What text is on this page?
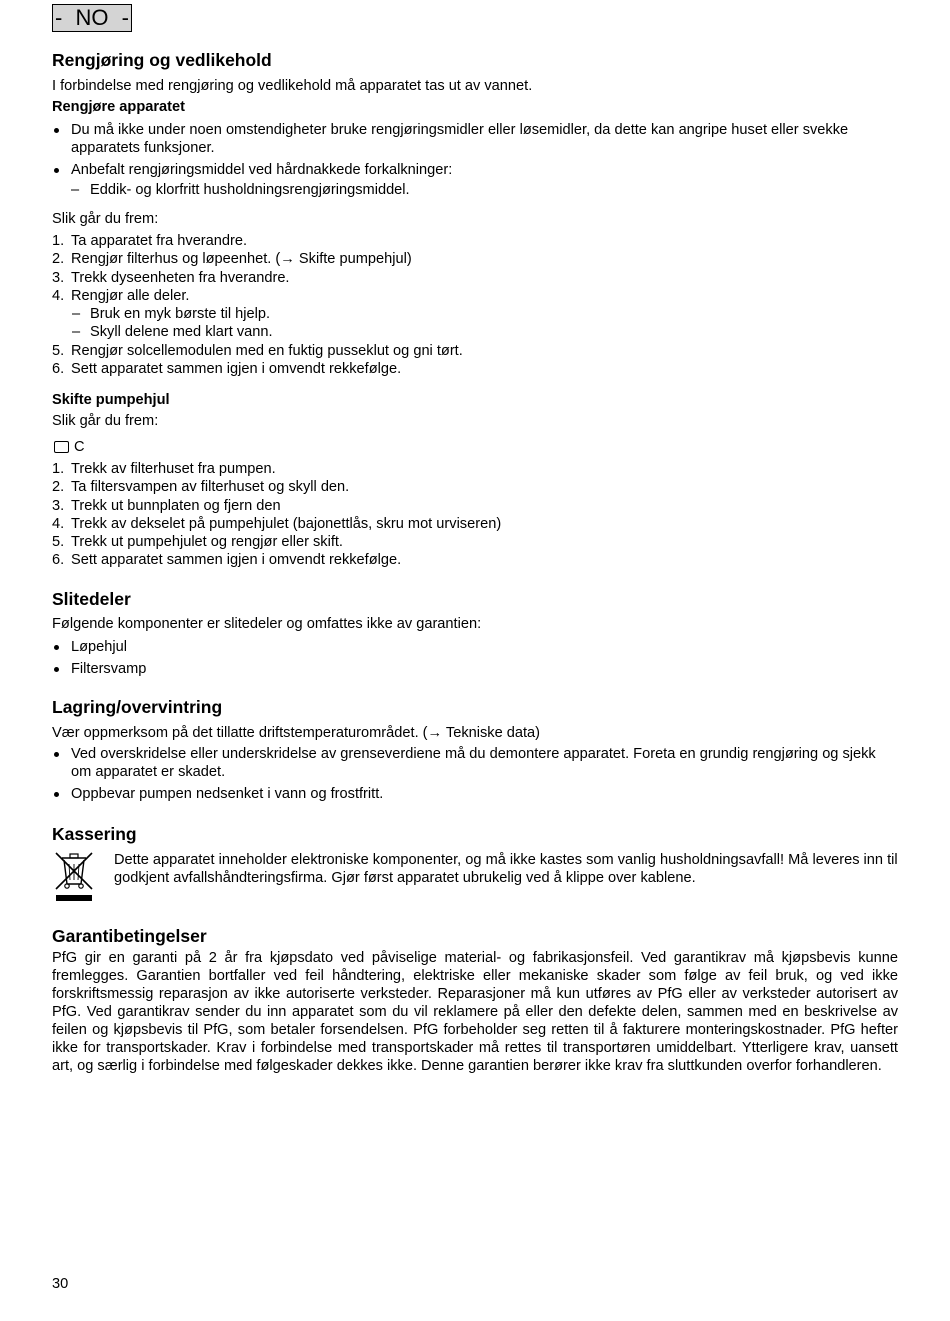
- NO -
Rengjøring og vedlikehold

I forbindelse med rengjøring og vedlikehold må apparatet tas ut av vannet.

Rengjøre apparatet
Du må ikke under noen omstendigheter bruke rengjøringsmidler eller løsemidler, da dette kan angripe huset eller svekke apparatets funksjoner.
Anbefalt rengjøringsmiddel ved hårdnakkede forkalkninger:
– Eddik- og klorfritt husholdningsrengjøringsmiddel.

Slik går du frem:

1. Ta apparatet fra hverandre.
2. Rengjør filterhus og løpeenhet. (→ Skifte pumpehjul)
3. Trekk dyseenheten fra hverandre.
4. Rengjør alle deler.
– Bruk en myk børste til hjelp.
– Skyll delene med klart vann.
5. Rengjør solcellemodulen med en fuktig pusseklut og gni tørt.
6. Sett apparatet sammen igjen i omvendt rekkefølge.
Skifte pumpehjul

Slik går du frem:

C
1. Trekk av filterhuset fra pumpen.
2. Ta filtersvampen av filterhuset og skyll den.
3. Trekk ut bunnplaten og fjern den
4. Trekk av dekselet på pumpehjulet (bajonettlås, skru mot urviseren)
5. Trekk ut pumpehjulet og rengjør eller skift.
6. Sett apparatet sammen igjen i omvendt rekkefølge.
Slitedeler

Følgende komponenter er slitedeler og omfattes ikke av garantien:

Løpehjul
Filtersvamp
Lagring/overvintring

Vær oppmerksom på det tillatte driftstemperaturområdet. (→ Tekniske data)

Ved overskridelse eller underskridelse av grenseverdiene må du demontere apparatet. Foreta en grundig rengjøring og sjekk om apparatet er skadet.
Oppbevar pumpen nedsenket i vann og frostfritt.
Kassering

Dette apparatet inneholder elektroniske komponenter, og må ikke kastes som vanlig husholdningsavfall! Må leveres inn til godkjent avfallshåndteringsfirma. Gjør først apparatet ubrukelig ved å klippe over kablene.

Garantibetingelser

PfG gir en garanti på 2 år fra kjøpsdato ved påviselige material- og fabrikasjonsfeil. Ved garantikrav må kjøpsbevis kunne fremlegges. Garantien bortfaller ved feil håndtering, elektriske eller mekaniske skader som følge av feil bruk, og ved ikke forskriftsmessig reparasjon av ikke autoriserte verksteder. Reparasjoner må kun utføres av PfG eller av verksteder autorisert av PfG. Ved garantikrav sender du inn apparatet som du vil reklamere på eller den defekte delen, sammen med en beskrivelse av feilen og kjøpsbevis til PfG, som betaler forsendelsen. PfG forbeholder seg retten til å fakturere monteringskostnader. PfG hefter ikke for transportskader. Krav i forbindelse med transportskader må rettes til transportøren umiddelbart. Ytterligere krav, uansett art, og særlig i forbindelse med følgeskader dekkes ikke. Denne garantien berører ikke krav fra sluttkunden overfor forhandleren.

30
